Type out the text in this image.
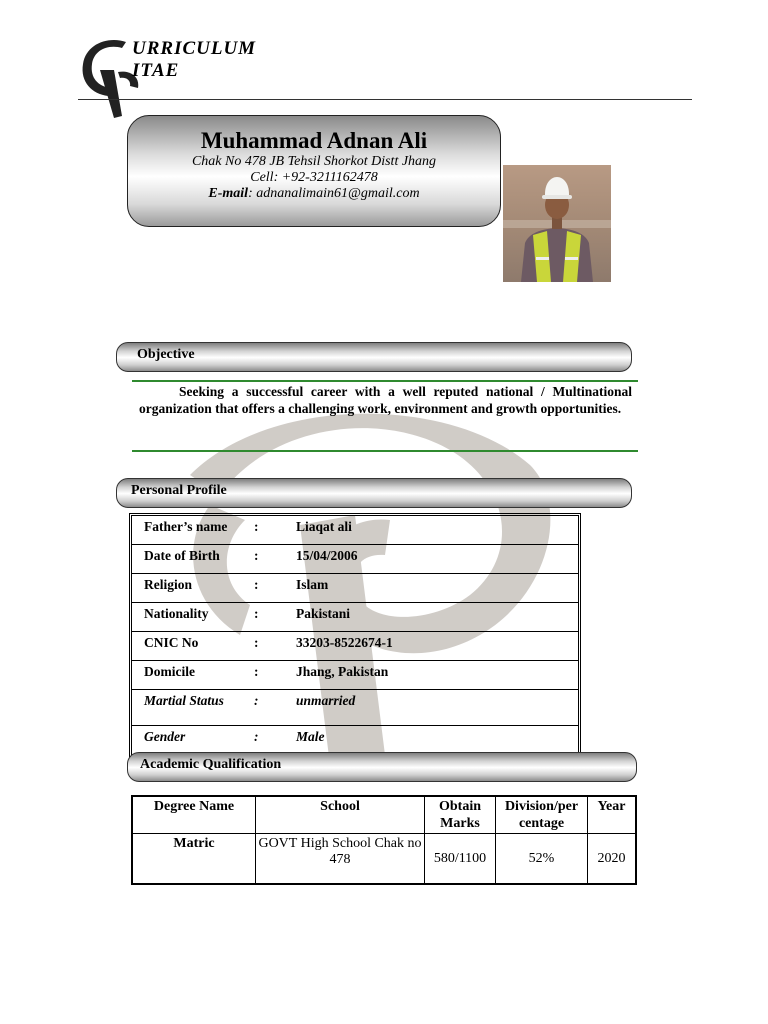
URRICULUM
ITAE
Muhammad Adnan Ali
Chak No 478 JB Tehsil Shorkot Distt Jhang
Cell: +92-3211162478
E-mail: adnanalimain61@gmail.com
Objective
Seeking a successful career with a well reputed national / Multinational organization that offers a challenging work, environment and growth opportunities.
Personal Profile
Father’s name	:	Liaqat ali
Date of Birth	:	15/04/2006
Religion	:	Islam
Nationality	:	Pakistani
CNIC No	:	33203-8522674-1
Domicile	:	Jhang, Pakistan
Martial Status	:	unmarried
Gender	:	Male
Academic Qualification
Degree Name	School	Obtain Marks	Division/per centage	Year
Matric	GOVT High School Chak no 478	580/1100	52%	2020
